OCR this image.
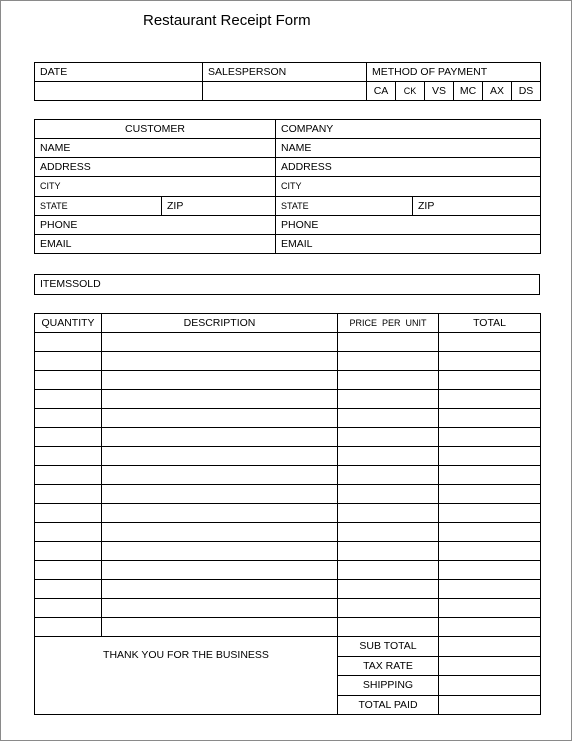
Restaurant Receipt Form
DATE	SALESPERSON	METHOD OF PAYMENT					
		CA	CK	VS	MC	AX	DS
CUSTOMER		COMPANY	
NAME		NAME	
ADDRESS		ADDRESS	
CITY		CITY	
STATE	ZIP	STATE	ZIP
PHONE		PHONE	
EMAIL		EMAIL	
ITEMSSOLD
QUANTITY	DESCRIPTION	PRICE  PER  UNIT	TOTAL

THANK YOU FOR THE BUSINESS		SUB TOTAL	
		TAX RATE	
		SHIPPING	
		TOTAL PAID	
